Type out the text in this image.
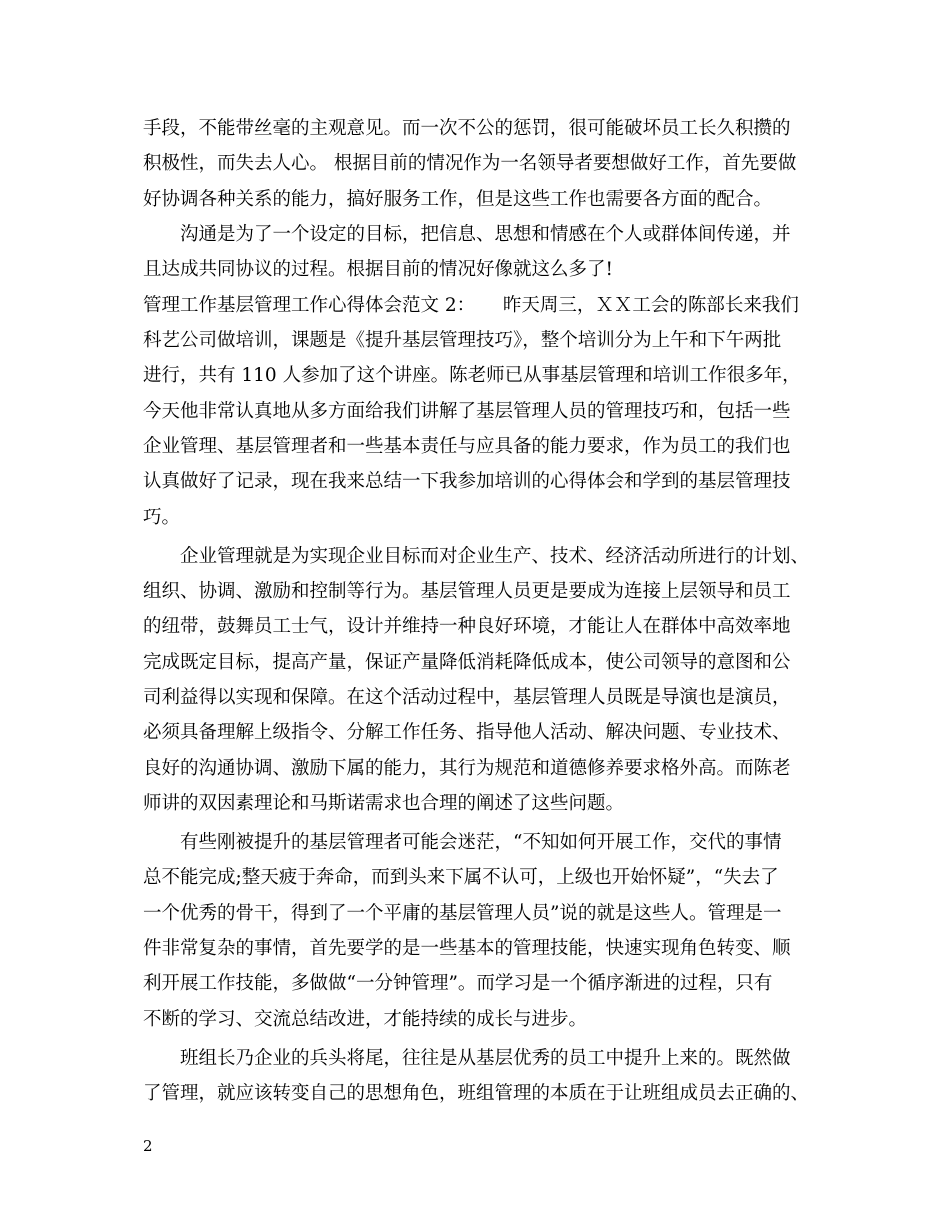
手段，不能带丝毫的主观意见。而一次不公的惩罚，很可能破坏员工长久积攒的
积极性，而失去人心。 根据目前的情况作为一名领导者要想做好工作，首先要做
好协调各种关系的能力，搞好服务工作，但是这些工作也需要各方面的配合。
　　沟通是为了一个设定的目标，把信息、思想和情感在个人或群体间传递，并
且达成共同协议的过程。根据目前的情况好像就这么多了!
管理工作基层管理工作心得体会范文 2：　　昨天周三，ＸＸ工会的陈部长来我们
科艺公司做培训，课题是《提升基层管理技巧》，整个培训分为上午和下午两批
进行，共有 110 人参加了这个讲座。陈老师已从事基层管理和培训工作很多年，
今天他非常认真地从多方面给我们讲解了基层管理人员的管理技巧和，包括一些
企业管理、基层管理者和一些基本责任与应具备的能力要求，作为员工的我们也
认真做好了记录，现在我来总结一下我参加培训的心得体会和学到的基层管理技
巧。
　　企业管理就是为实现企业目标而对企业生产、技术、经济活动所进行的计划、
组织、协调、激励和控制等行为。基层管理人员更是要成为连接上层领导和员工
的纽带，鼓舞员工士气，设计并维持一种良好环境，才能让人在群体中高效率地
完成既定目标，提高产量，保证产量降低消耗降低成本，使公司领导的意图和公
司利益得以实现和保障。在这个活动过程中，基层管理人员既是导演也是演员，
必须具备理解上级指令、分解工作任务、指导他人活动、解决问题、专业技术、
良好的沟通协调、激励下属的能力，其行为规范和道德修养要求格外高。而陈老
师讲的双因素理论和马斯诺需求也合理的阐述了这些问题。
　　有些刚被提升的基层管理者可能会迷茫，“不知如何开展工作，交代的事情
总不能完成;整天疲于奔命，而到头来下属不认可，上级也开始怀疑”，“失去了
一个优秀的骨干，得到了一个平庸的基层管理人员”说的就是这些人。管理是一
件非常复杂的事情，首先要学的是一些基本的管理技能，快速实现角色转变、顺
利开展工作技能，多做做“一分钟管理”。而学习是一个循序渐进的过程，只有
不断的学习、交流总结改进，才能持续的成长与进步。
　　班组长乃企业的兵头将尾，往往是从基层优秀的员工中提升上来的。既然做
了管理，就应该转变自己的思想角色，班组管理的本质在于让班组成员去正确的、
2
